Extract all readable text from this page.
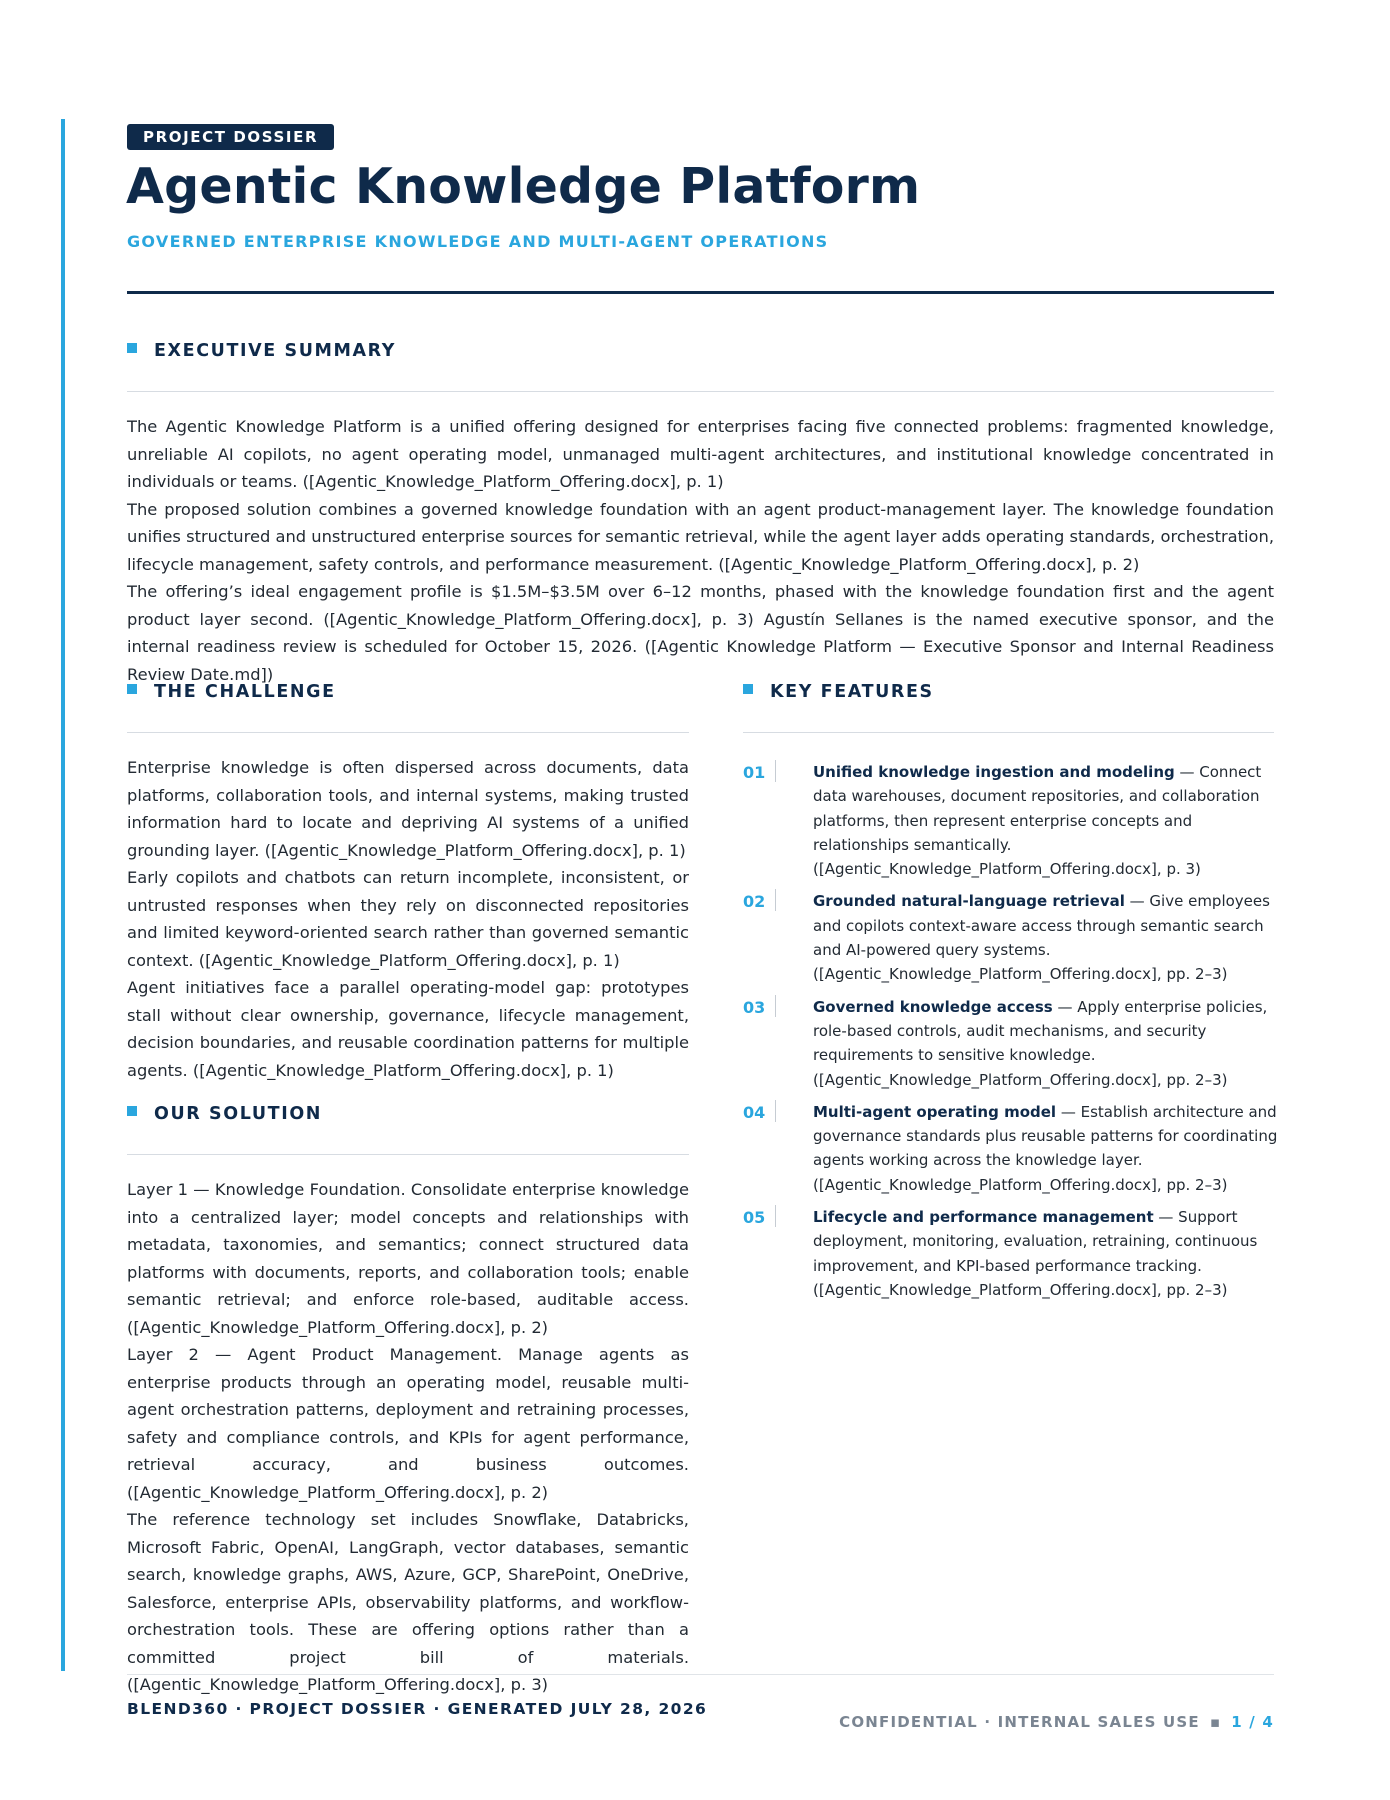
PROJECT DOSSIER
Agentic Knowledge Platform
GOVERNED ENTERPRISE KNOWLEDGE AND MULTI-AGENT OPERATIONS
EXECUTIVE SUMMARY

The Agentic Knowledge Platform is a unified offering designed for enterprises facing five connected problems: fragmented knowledge, unreliable AI copilots, no agent operating model, unmanaged multi-agent architectures, and institutional knowledge concentrated in individuals or teams. ([Agentic_Knowledge_Platform_Offering.docx], p. 1)

The proposed solution combines a governed knowledge foundation with an agent product-management layer. The knowledge foundation unifies structured and unstructured enterprise sources for semantic retrieval, while the agent layer adds operating standards, orchestration, lifecycle management, safety controls, and performance measurement. ([Agentic_Knowledge_Platform_Offering.docx], p. 2)

The offering’s ideal engagement profile is $1.5M–$3.5M over 6–12 months, phased with the knowledge foundation first and the agent product layer second. ([Agentic_Knowledge_Platform_Offering.docx], p. 3) Agustín Sellanes is the named executive sponsor, and the internal readiness review is scheduled for October 15, 2026. ([Agentic Knowledge Platform — Executive Sponsor and Internal Readiness Review Date.md])

THE CHALLENGE

Enterprise knowledge is often dispersed across documents, data platforms, collaboration tools, and internal systems, making trusted information hard to locate and depriving AI systems of a unified grounding layer. ([Agentic_Knowledge_Platform_Offering.docx], p. 1)

Early copilots and chatbots can return incomplete, inconsistent, or untrusted responses when they rely on disconnected repositories and limited keyword-oriented search rather than governed semantic context. ([Agentic_Knowledge_Platform_Offering.docx], p. 1)

Agent initiatives face a parallel operating-model gap: prototypes stall without clear ownership, governance, lifecycle management, decision boundaries, and reusable coordination patterns for multiple agents. ([Agentic_Knowledge_Platform_Offering.docx], p. 1)

OUR SOLUTION

Layer 1 — Knowledge Foundation. Consolidate enterprise knowledge into a centralized layer; model concepts and relationships with metadata, taxonomies, and semantics; connect structured data platforms with documents, reports, and collaboration tools; enable semantic retrieval; and enforce role-based, auditable access. ([Agentic_Knowledge_Platform_Offering.docx], p. 2)

Layer 2 — Agent Product Management. Manage agents as enterprise products through an operating model, reusable multi-agent orchestration patterns, deployment and retraining processes, safety and compliance controls, and KPIs for agent performance, retrieval accuracy, and business outcomes. ([Agentic_Knowledge_Platform_Offering.docx], p. 2)

The reference technology set includes Snowflake, Databricks, Microsoft Fabric, OpenAI, LangGraph, vector databases, semantic search, knowledge graphs, AWS, Azure, GCP, SharePoint, OneDrive, Salesforce, enterprise APIs, observability platforms, and workflow-orchestration tools. These are offering options rather than a committed project bill of materials. ([Agentic_Knowledge_Platform_Offering.docx], p. 3)

KEY FEATURES
01	Unified knowledge ingestion and modeling — Connect data warehouses, document repositories, and collaboration platforms, then represent enterprise concepts and relationships semantically. ([Agentic_Knowledge_Platform_Offering.docx], p. 3)
02	Grounded natural-language retrieval — Give employees and copilots context-aware access through semantic search and AI-powered query systems. ([Agentic_Knowledge_Platform_Offering.docx], pp. 2–3)
03	Governed knowledge access — Apply enterprise policies, role-based controls, audit mechanisms, and security requirements to sensitive knowledge. ([Agentic_Knowledge_Platform_Offering.docx], pp. 2–3)
04	Multi-agent operating model — Establish architecture and governance standards plus reusable patterns for coordinating agents working across the knowledge layer. ([Agentic_Knowledge_Platform_Offering.docx], pp. 2–3)
05	Lifecycle and performance management — Support deployment, monitoring, evaluation, retraining, continuous improvement, and KPI-based performance tracking. ([Agentic_Knowledge_Platform_Offering.docx], pp. 2–3)
BLEND360 · PROJECT DOSSIER · GENERATED JULY 28, 2026
CONFIDENTIAL · INTERNAL SALES USE ▪ 1 / 4
